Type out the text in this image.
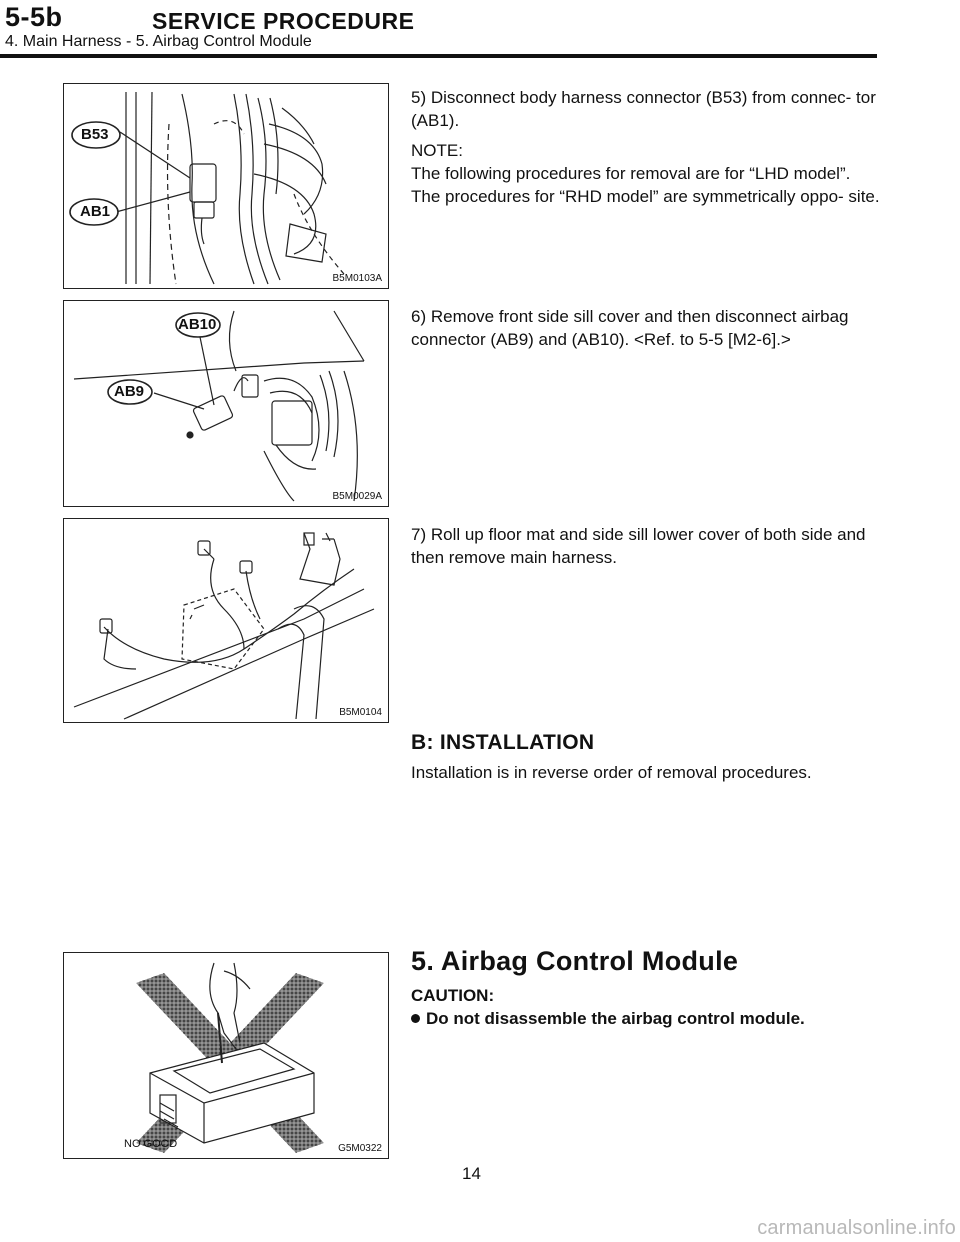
5-5b	SERVICE PROCEDURE
4. Main Harness - 5. Airbag Control Module
B53
AB1
B5M0103A
AB10
AB9
B5M0029A
B5M0104
NO GOOD	G5M0322

5) Disconnect body harness connector (B53) from connec- tor (AB1).

NOTE:

The following procedures for removal are for “LHD model”. The procedures for “RHD model” are symmetrically oppo- site.

6) Remove front side sill cover and then disconnect airbag connector (AB9) and (AB10). <Ref. to 5-5 [M2-6].>

7) Roll up floor mat and side sill lower cover of both side and then remove main harness.

B: INSTALLATION

Installation is in reverse order of removal procedures.

5. Airbag Control Module

CAUTION:

Do not disassemble the airbag control module.

14
carmanualsonline.info
